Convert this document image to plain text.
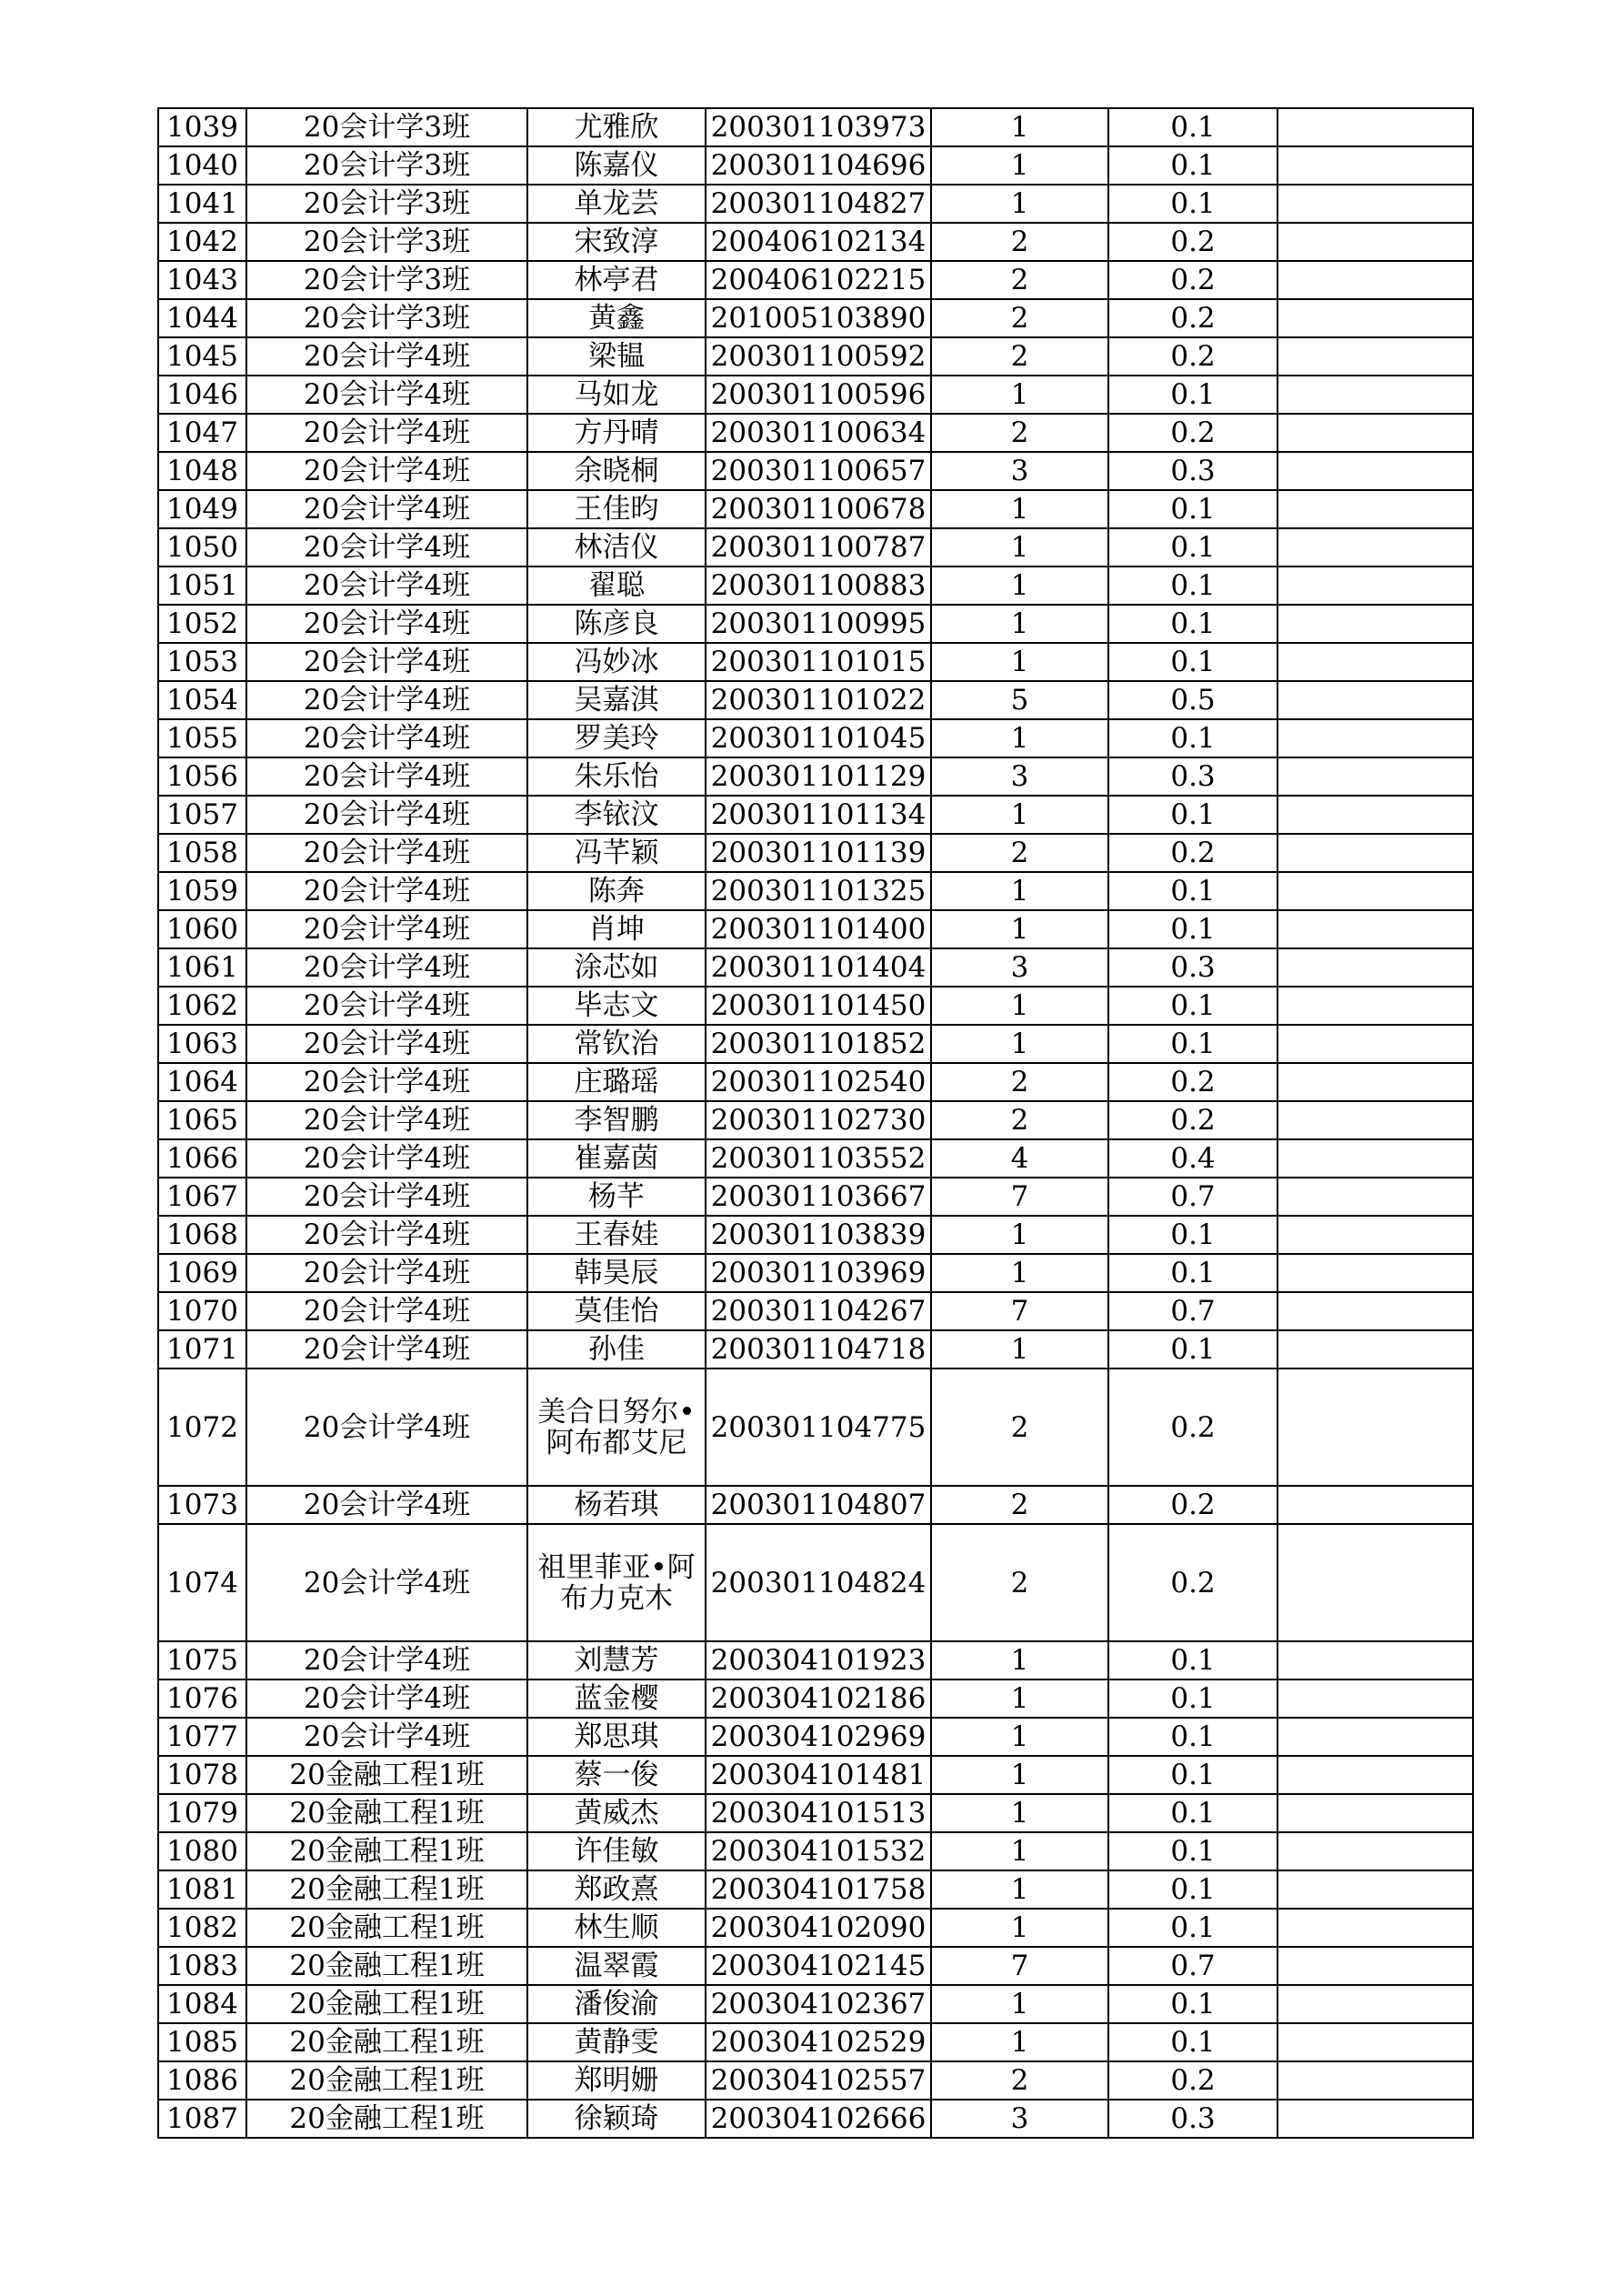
1039	20会计学3班	尤雅欣	200301103973	1	0.1	
1040	20会计学3班	陈嘉仪	200301104696	1	0.1	
1041	20会计学3班	单龙芸	200301104827	1	0.1	
1042	20会计学3班	宋致淳	200406102134	2	0.2	
1043	20会计学3班	林亭君	200406102215	2	0.2	
1044	20会计学3班	黄鑫	201005103890	2	0.2	
1045	20会计学4班	梁韫	200301100592	2	0.2	
1046	20会计学4班	马如龙	200301100596	1	0.1	
1047	20会计学4班	方丹晴	200301100634	2	0.2	
1048	20会计学4班	余晓桐	200301100657	3	0.3	
1049	20会计学4班	王佳昀	200301100678	1	0.1	
1050	20会计学4班	林洁仪	200301100787	1	0.1	
1051	20会计学4班	翟聪	200301100883	1	0.1	
1052	20会计学4班	陈彦良	200301100995	1	0.1	
1053	20会计学4班	冯妙冰	200301101015	1	0.1	
1054	20会计学4班	吴嘉淇	200301101022	5	0.5	
1055	20会计学4班	罗美玲	200301101045	1	0.1	
1056	20会计学4班	朱乐怡	200301101129	3	0.3	
1057	20会计学4班	李铱汶	200301101134	1	0.1	
1058	20会计学4班	冯芊颖	200301101139	2	0.2	
1059	20会计学4班	陈奔	200301101325	1	0.1	
1060	20会计学4班	肖坤	200301101400	1	0.1	
1061	20会计学4班	涂芯如	200301101404	3	0.3	
1062	20会计学4班	毕志文	200301101450	1	0.1	
1063	20会计学4班	常钦治	200301101852	1	0.1	
1064	20会计学4班	庄璐瑶	200301102540	2	0.2	
1065	20会计学4班	李智鹏	200301102730	2	0.2	
1066	20会计学4班	崔嘉茵	200301103552	4	0.4	
1067	20会计学4班	杨芊	200301103667	7	0.7	
1068	20会计学4班	王春娃	200301103839	1	0.1	
1069	20会计学4班	韩昊辰	200301103969	1	0.1	
1070	20会计学4班	莫佳怡	200301104267	7	0.7	
1071	20会计学4班	孙佳	200301104718	1	0.1	
1072	20会计学4班	美合日努尔•阿布都艾尼	200301104775	2	0.2	
1073	20会计学4班	杨若琪	200301104807	2	0.2	
1074	20会计学4班	祖里菲亚•阿布力克木	200301104824	2	0.2	
1075	20会计学4班	刘慧芳	200304101923	1	0.1	
1076	20会计学4班	蓝金樱	200304102186	1	0.1	
1077	20会计学4班	郑思琪	200304102969	1	0.1	
1078	20金融工程1班	蔡一俊	200304101481	1	0.1	
1079	20金融工程1班	黄威杰	200304101513	1	0.1	
1080	20金融工程1班	许佳敏	200304101532	1	0.1	
1081	20金融工程1班	郑政熹	200304101758	1	0.1	
1082	20金融工程1班	林生顺	200304102090	1	0.1	
1083	20金融工程1班	温翠霞	200304102145	7	0.7	
1084	20金融工程1班	潘俊渝	200304102367	1	0.1	
1085	20金融工程1班	黄静雯	200304102529	1	0.1	
1086	20金融工程1班	郑明姗	200304102557	2	0.2	
1087	20金融工程1班	徐颖琦	200304102666	3	0.3	
